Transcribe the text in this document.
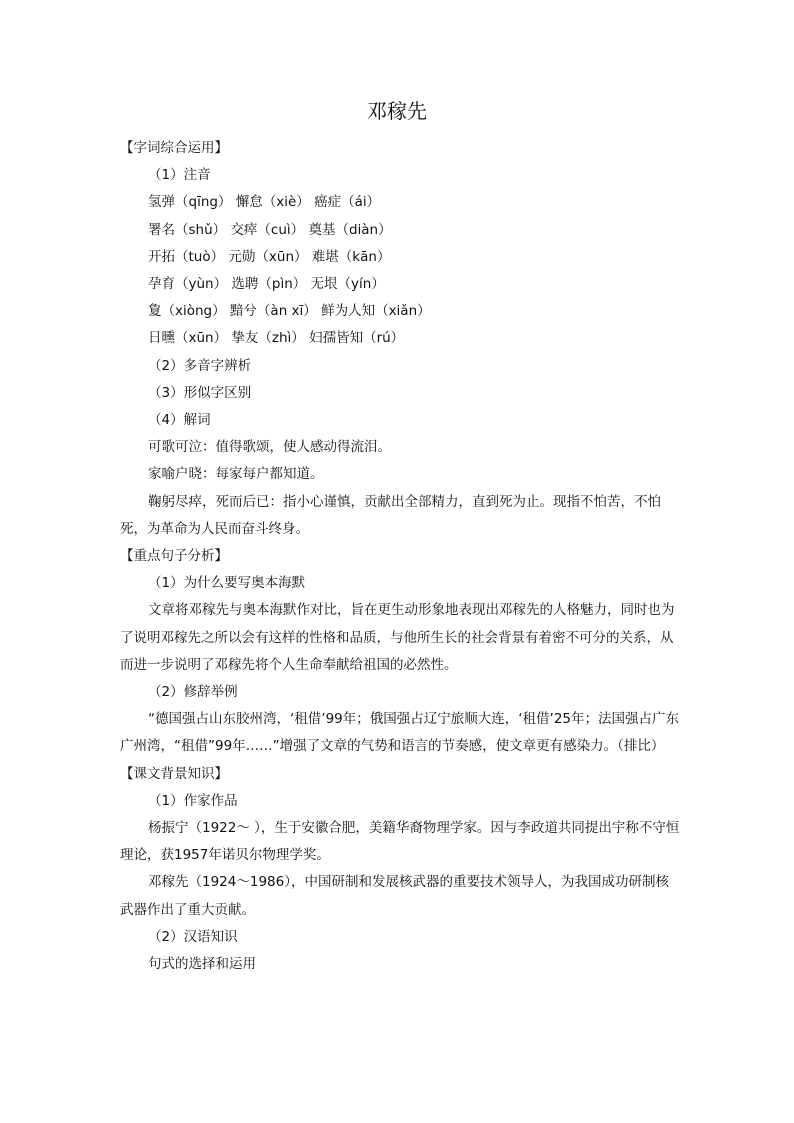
邓稼先

【字词综合运用】

（1）注音

氢弹（qīng） 懈怠（xiè） 癌症（ái）

署名（shǔ） 交瘁（cuì） 奠基（diàn）

开拓（tuò） 元勋（xūn） 难堪（kān）

孕育（yùn） 选聘（pìn） 无垠（yín）

夐（xiòng） 黯兮（àn xī） 鲜为人知（xiǎn）

日曛（xūn） 挚友（zhì） 妇孺皆知（rú）

（2）多音字辨析

（3）形似字区别

（4）解词

可歌可泣：值得歌颂，使人感动得流泪。

家喻户晓：每家每户都知道。

鞠躬尽瘁，死而后已：指小心谨慎，贡献出全部精力，直到死为止。现指不怕苦，不怕死，为革命为人民而奋斗终身。

【重点句子分析】

（1）为什么要写奥本海默

文章将邓稼先与奥本海默作对比，旨在更生动形象地表现出邓稼先的人格魅力，同时也为了说明邓稼先之所以会有这样的性格和品质，与他所生长的社会背景有着密不可分的关系，从而进一步说明了邓稼先将个人生命奉献给祖国的必然性。

（2）修辞举例

“德国强占山东胶州湾，‘租借’99年；俄国强占辽宁旅顺大连，‘租借’25年；法国强占广东广州湾，“租借”99年……”增强了文章的气势和语言的节奏感，使文章更有感染力。（排比）

【课文背景知识】

（1）作家作品

杨振宁（1922～ ），生于安徽合肥，美籍华裔物理学家。因与李政道共同提出宇称不守恒理论，获1957年诺贝尔物理学奖。

邓稼先（1924～1986），中国研制和发展核武器的重要技术领导人，为我国成功研制核武器作出了重大贡献。

（2）汉语知识

句式的选择和运用
